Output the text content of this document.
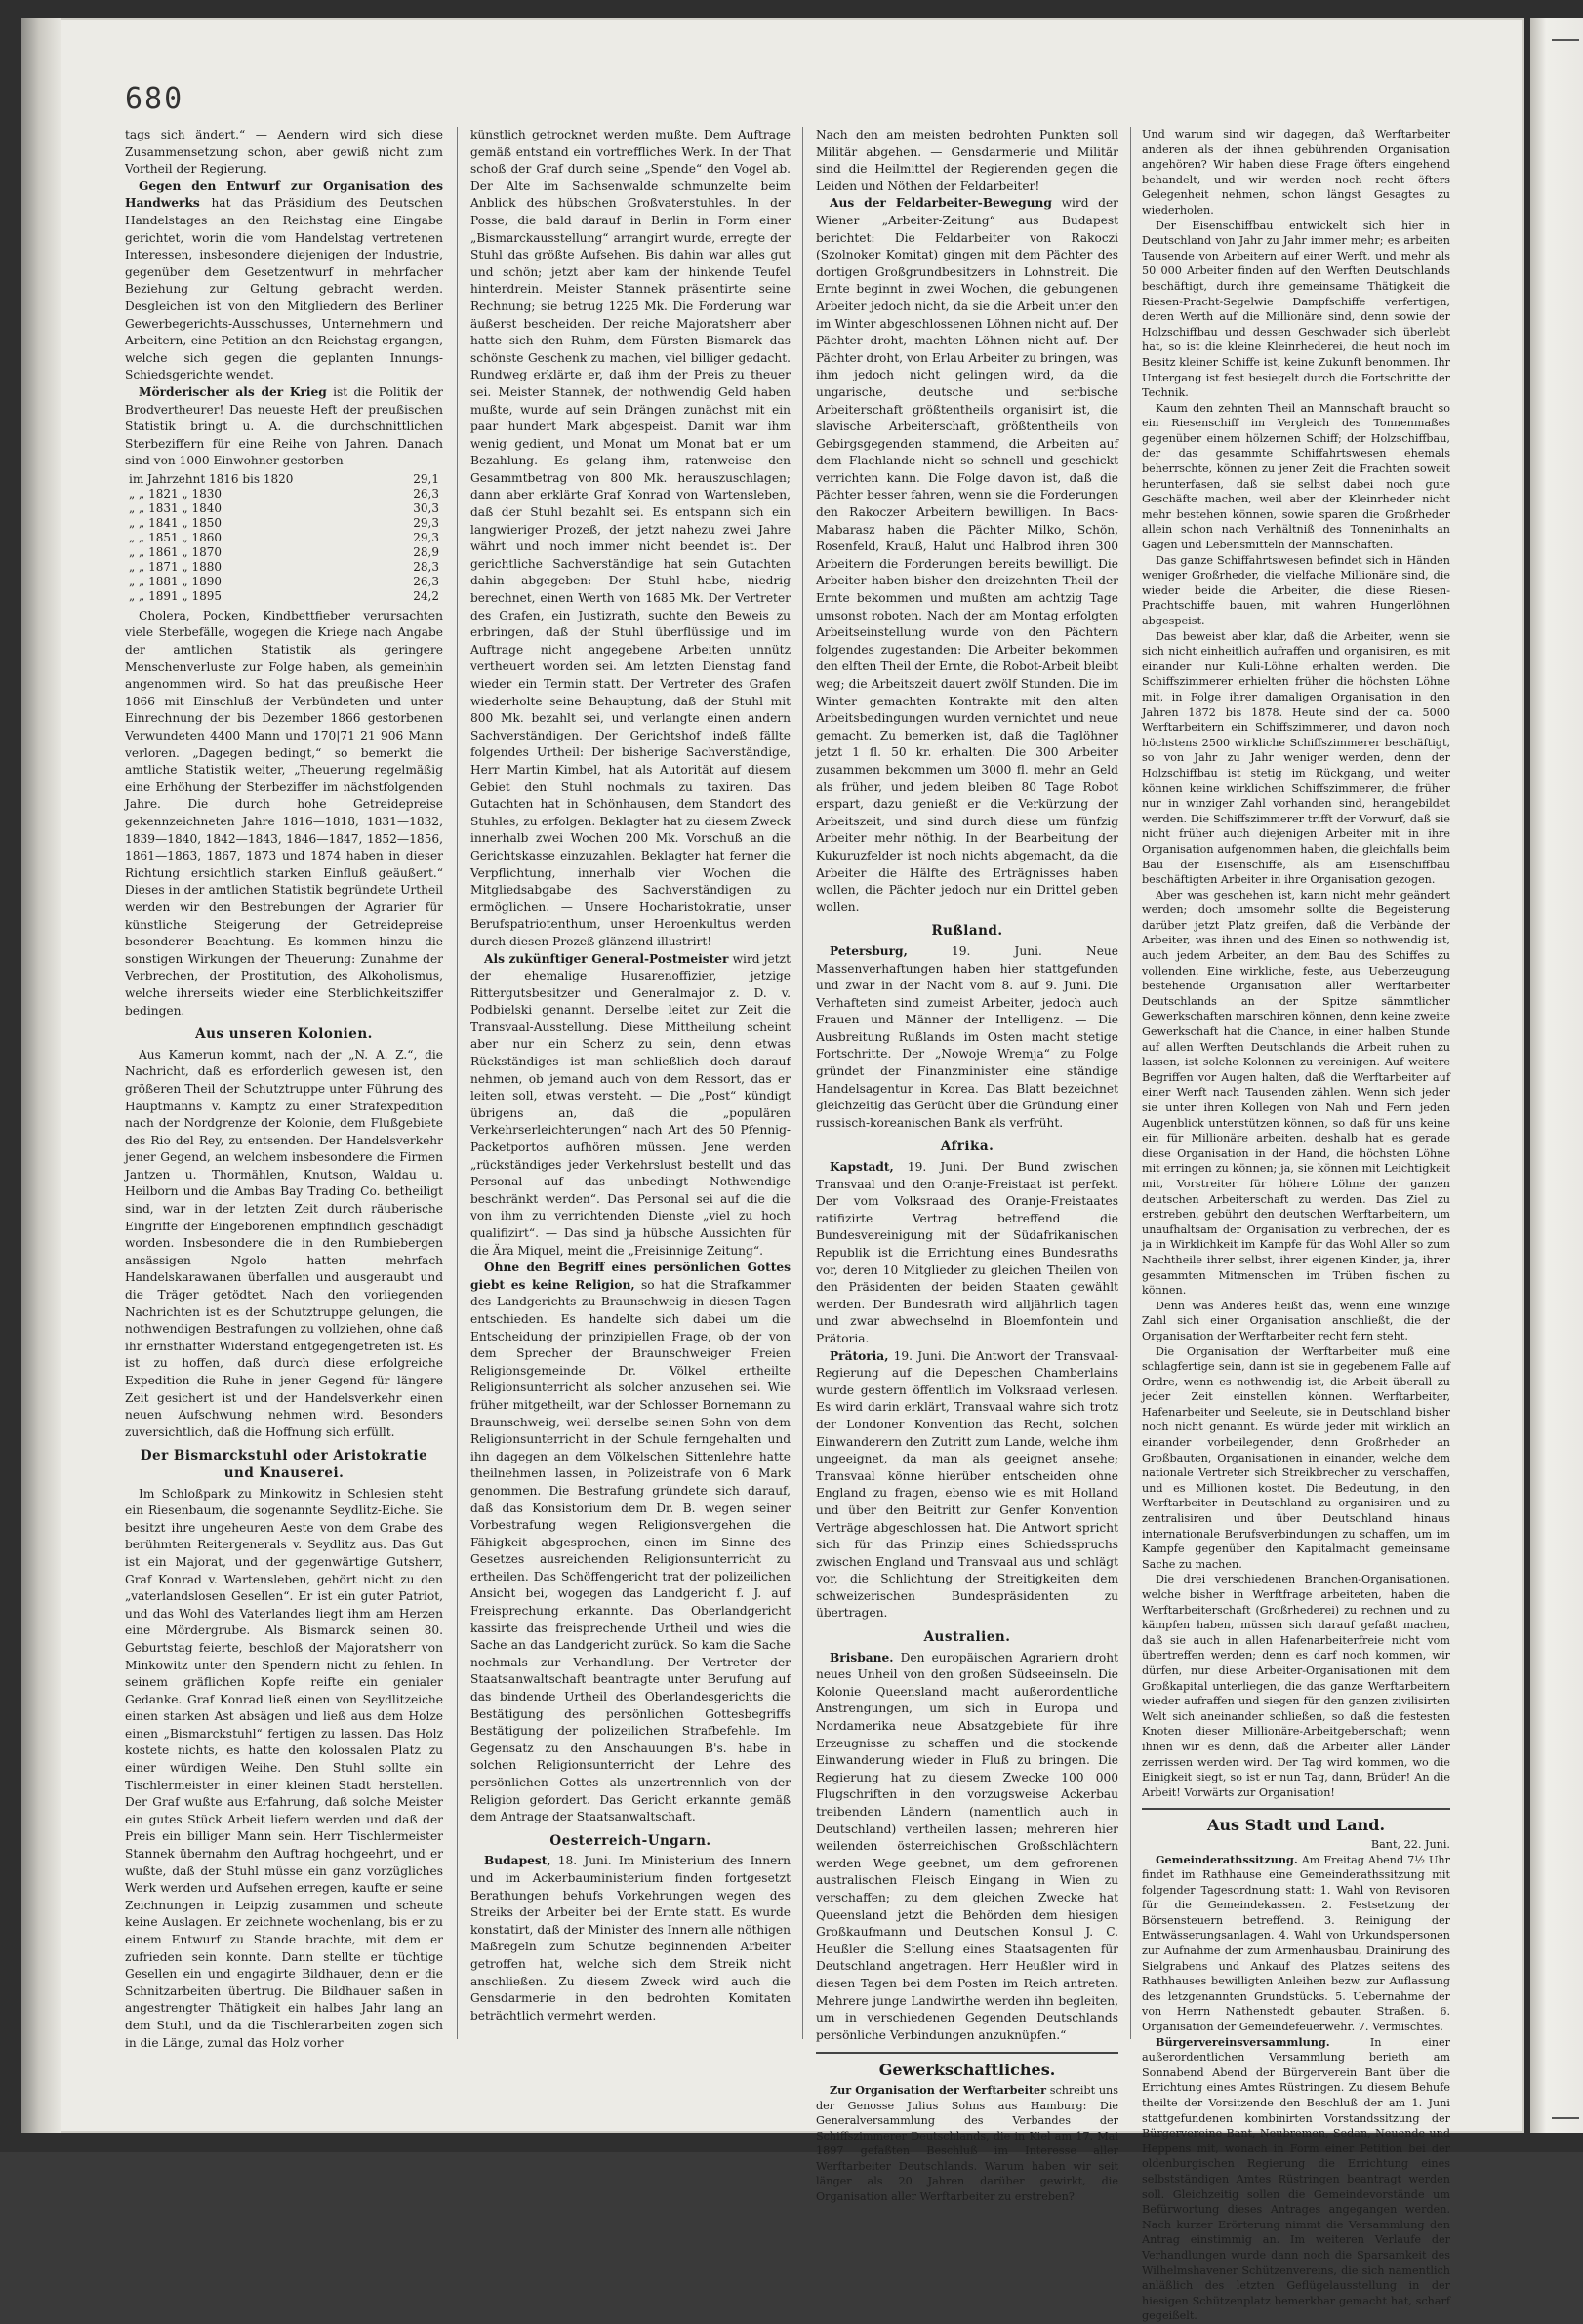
680

tags sich ändert.“ — Aendern wird sich diese Zusammensetzung schon, aber gewiß nicht zum Vortheil der Regierung.

Gegen den Entwurf zur Organisation des Handwerks hat das Präsidium des Deutschen Handelstages an den Reichstag eine Eingabe gerichtet, worin die vom Handelstag vertretenen Interessen, insbesondere diejenigen der Industrie, gegenüber dem Gesetzentwurf in mehrfacher Beziehung zur Geltung gebracht werden. Desgleichen ist von den Mitgliedern des Berliner Gewerbegerichts-Ausschusses, Unternehmern und Arbeitern, eine Petition an den Reichstag ergangen, welche sich gegen die geplanten Innungs-Schiedsgerichte wendet.

Mörderischer als der Krieg ist die Politik der Brodvertheurer! Das neueste Heft der preußischen Statistik bringt u. A. die durchschnittlichen Sterbeziffern für eine Reihe von Jahren. Danach sind von 1000 Einwohner gestorben

im Jahrzehnt 1816 bis 1820	29,1
„ „ 1821 „ 1830	26,3
„ „ 1831 „ 1840	30,3
„ „ 1841 „ 1850	29,3
„ „ 1851 „ 1860	29,3
„ „ 1861 „ 1870	28,9
„ „ 1871 „ 1880	28,3
„ „ 1881 „ 1890	26,3
„ „ 1891 „ 1895	24,2

Cholera, Pocken, Kindbettfieber verursachten viele Sterbefälle, wogegen die Kriege nach Angabe der amtlichen Statistik als geringere Menschenverluste zur Folge haben, als gemeinhin angenommen wird. So hat das preußische Heer 1866 mit Einschluß der Verbündeten und unter Einrechnung der bis Dezember 1866 gestorbenen Verwundeten 4400 Mann und 170|71 21 906 Mann verloren. „Dagegen bedingt,“ so bemerkt die amtliche Statistik weiter, „Theuerung regelmäßig eine Erhöhung der Sterbeziffer im nächstfolgenden Jahre. Die durch hohe Getreidepreise gekennzeichneten Jahre 1816—1818, 1831—1832, 1839—1840, 1842—1843, 1846—1847, 1852—1856, 1861—1863, 1867, 1873 und 1874 haben in dieser Richtung ersichtlich starken Einfluß geäußert.“ Dieses in der amtlichen Statistik begründete Urtheil werden wir den Bestrebungen der Agrarier für künstliche Steigerung der Getreidepreise besonderer Beachtung. Es kommen hinzu die sonstigen Wirkungen der Theuerung: Zunahme der Verbrechen, der Prostitution, des Alkoholismus, welche ihrerseits wieder eine Sterblichkeitsziffer bedingen.

Aus unseren Kolonien.

Aus Kamerun kommt, nach der „N. A. Z.“, die Nachricht, daß es erforderlich gewesen ist, den größeren Theil der Schutztruppe unter Führung des Hauptmanns v. Kamptz zu einer Strafexpedition nach der Nordgrenze der Kolonie, dem Flußgebiete des Rio del Rey, zu entsenden. Der Handelsverkehr jener Gegend, an welchem insbesondere die Firmen Jantzen u. Thormählen, Knutson, Waldau u. Heilborn und die Ambas Bay Trading Co. betheiligt sind, war in der letzten Zeit durch räuberische Eingriffe der Eingeborenen empfindlich geschädigt worden. Insbesondere die in den Rumbiebergen ansässigen Ngolo hatten mehrfach Handelskarawanen überfallen und ausgeraubt und die Träger getödtet. Nach den vorliegenden Nachrichten ist es der Schutztruppe gelungen, die nothwendigen Bestrafungen zu vollziehen, ohne daß ihr ernsthafter Widerstand entgegengetreten ist. Es ist zu hoffen, daß durch diese erfolgreiche Expedition die Ruhe in jener Gegend für längere Zeit gesichert ist und der Handelsverkehr einen neuen Aufschwung nehmen wird. Besonders zuversichtlich, daß die Hoffnung sich erfüllt.

Der Bismarckstuhl oder Aristokratie und Knauserei.

Im Schloßpark zu Minkowitz in Schlesien steht ein Riesenbaum, die sogenannte Seydlitz-Eiche. Sie besitzt ihre ungeheuren Aeste von dem Grabe des berühmten Reitergenerals v. Seydlitz aus. Das Gut ist ein Majorat, und der gegenwärtige Gutsherr, Graf Konrad v. Wartensleben, gehört nicht zu den „vaterlandslosen Gesellen“. Er ist ein guter Patriot, und das Wohl des Vaterlandes liegt ihm am Herzen eine Mördergrube. Als Bismarck seinen 80. Geburtstag feierte, beschloß der Majoratsherr von Minkowitz unter den Spendern nicht zu fehlen. In seinem gräflichen Kopfe reifte ein genialer Gedanke. Graf Konrad ließ einen von Seydlitzeiche einen starken Ast absägen und ließ aus dem Holze einen „Bismarckstuhl“ fertigen zu lassen. Das Holz kostete nichts, es hatte den kolossalen Platz zu einer würdigen Weihe. Den Stuhl sollte ein Tischlermeister in einer kleinen Stadt herstellen. Der Graf wußte aus Erfahrung, daß solche Meister ein gutes Stück Arbeit liefern werden und daß der Preis ein billiger Mann sein. Herr Tischlermeister Stannek übernahm den Auftrag hochgeehrt, und er wußte, daß der Stuhl müsse ein ganz vorzügliches Werk werden und Aufsehen erregen, kaufte er seine Zeichnungen in Leipzig zusammen und scheute keine Auslagen. Er zeichnete wochenlang, bis er zu einem Entwurf zu Stande brachte, mit dem er zufrieden sein konnte. Dann stellte er tüchtige Gesellen ein und engagirte Bildhauer, denn er die Schnitzarbeiten übertrug. Die Bildhauer saßen in angestrengter Thätigkeit ein halbes Jahr lang an dem Stuhl, und da die Tischlerarbeiten zogen sich in die Länge, zumal das Holz vorher

künstlich getrocknet werden mußte. Dem Auftrage gemäß entstand ein vortreffliches Werk. In der That schoß der Graf durch seine „Spende“ den Vogel ab. Der Alte im Sachsenwalde schmunzelte beim Anblick des hübschen Großvaterstuhles. In der Posse, die bald darauf in Berlin in Form einer „Bismarckausstellung“ arrangirt wurde, erregte der Stuhl das größte Aufsehen. Bis dahin war alles gut und schön; jetzt aber kam der hinkende Teufel hinterdrein. Meister Stannek präsentirte seine Rechnung; sie betrug 1225 Mk. Die Forderung war äußerst bescheiden. Der reiche Majoratsherr aber hatte sich den Ruhm, dem Fürsten Bismarck das schönste Geschenk zu machen, viel billiger gedacht. Rundweg erklärte er, daß ihm der Preis zu theuer sei. Meister Stannek, der nothwendig Geld haben mußte, wurde auf sein Drängen zunächst mit ein paar hundert Mark abgespeist. Damit war ihm wenig gedient, und Monat um Monat bat er um Bezahlung. Es gelang ihm, ratenweise den Gesammtbetrag von 800 Mk. herauszuschlagen; dann aber erklärte Graf Konrad von Wartensleben, daß der Stuhl bezahlt sei. Es entspann sich ein langwieriger Prozeß, der jetzt nahezu zwei Jahre währt und noch immer nicht beendet ist. Der gerichtliche Sachverständige hat sein Gutachten dahin abgegeben: Der Stuhl habe, niedrig berechnet, einen Werth von 1685 Mk. Der Vertreter des Grafen, ein Justizrath, suchte den Beweis zu erbringen, daß der Stuhl überflüssige und im Auftrage nicht angegebene Arbeiten unnütz vertheuert worden sei. Am letzten Dienstag fand wieder ein Termin statt. Der Vertreter des Grafen wiederholte seine Behauptung, daß der Stuhl mit 800 Mk. bezahlt sei, und verlangte einen andern Sachverständigen. Der Gerichtshof indeß fällte folgendes Urtheil: Der bisherige Sachverständige, Herr Martin Kimbel, hat als Autorität auf diesem Gebiet den Stuhl nochmals zu taxiren. Das Gutachten hat in Schönhausen, dem Standort des Stuhles, zu erfolgen. Beklagter hat zu diesem Zweck innerhalb zwei Wochen 200 Mk. Vorschuß an die Gerichtskasse einzuzahlen. Beklagter hat ferner die Verpflichtung, innerhalb vier Wochen die Mitgliedsabgabe des Sachverständigen zu ermöglichen. — Unsere Hocharistokratie, unser Berufspatriotenthum, unser Heroenkultus werden durch diesen Prozeß glänzend illustrirt!

Als zukünftiger General-Postmeister wird jetzt der ehemalige Husarenoffizier, jetzige Rittergutsbesitzer und Generalmajor z. D. v. Podbielski genannt. Derselbe leitet zur Zeit die Transvaal-Ausstellung. Diese Mittheilung scheint aber nur ein Scherz zu sein, denn etwas Rückständiges ist man schließlich doch darauf nehmen, ob jemand auch von dem Ressort, das er leiten soll, etwas versteht. — Die „Post“ kündigt übrigens an, daß die „populären Verkehrserleichterungen“ nach Art des 50 Pfennig-Packetportos aufhören müssen. Jene werden „rückständiges jeder Verkehrslust bestellt und das Personal auf das unbedingt Nothwendige beschränkt werden“. Das Personal sei auf die die von ihm zu verrichtenden Dienste „viel zu hoch qualifizirt“. — Das sind ja hübsche Aussichten für die Ära Miquel, meint die „Freisinnige Zeitung“.

Ohne den Begriff eines persönlichen Gottes giebt es keine Religion, so hat die Strafkammer des Landgerichts zu Braunschweig in diesen Tagen entschieden. Es handelte sich dabei um die Entscheidung der prinzipiellen Frage, ob der von dem Sprecher der Braunschweiger Freien Religionsgemeinde Dr. Völkel ertheilte Religionsunterricht als solcher anzusehen sei. Wie früher mitgetheilt, war der Schlosser Bornemann zu Braunschweig, weil derselbe seinen Sohn von dem Religionsunterricht in der Schule ferngehalten und ihn dagegen an dem Völkelschen Sittenlehre hatte theilnehmen lassen, in Polizeistrafe von 6 Mark genommen. Die Bestrafung gründete sich darauf, daß das Konsistorium dem Dr. B. wegen seiner Vorbestrafung wegen Religionsvergehen die Fähigkeit abgesprochen, einen im Sinne des Gesetzes ausreichenden Religionsunterricht zu ertheilen. Das Schöffengericht trat der polizeilichen Ansicht bei, wogegen das Landgericht f. J. auf Freisprechung erkannte. Das Oberlandgericht kassirte das freisprechende Urtheil und wies die Sache an das Landgericht zurück. So kam die Sache nochmals zur Verhandlung. Der Vertreter der Staatsanwaltschaft beantragte unter Berufung auf das bindende Urtheil des Oberlandesgerichts die Bestätigung des persönlichen Gottesbegriffs Bestätigung der polizeilichen Strafbefehle. Im Gegensatz zu den Anschauungen B's. habe in solchen Religionsunterricht der Lehre des persönlichen Gottes als unzertrennlich von der Religion gefordert. Das Gericht erkannte gemäß dem Antrage der Staatsanwaltschaft.

Oesterreich-Ungarn.

Budapest, 18. Juni. Im Ministerium des Innern und im Ackerbauministerium finden fortgesetzt Berathungen behufs Vorkehrungen wegen des Streiks der Arbeiter bei der Ernte statt. Es wurde konstatirt, daß der Minister des Innern alle nöthigen Maßregeln zum Schutze beginnenden Arbeiter getroffen hat, welche sich dem Streik nicht anschließen. Zu diesem Zweck wird auch die Gensdarmerie in den bedrohten Komitaten beträchtlich vermehrt werden.

Nach den am meisten bedrohten Punkten soll Militär abgehen. — Gensdarmerie und Militär sind die Heilmittel der Regierenden gegen die Leiden und Nöthen der Feldarbeiter!

Aus der Feldarbeiter-Bewegung wird der Wiener „Arbeiter-Zeitung“ aus Budapest berichtet: Die Feldarbeiter von Rakoczi (Szolnoker Komitat) gingen mit dem Pächter des dortigen Großgrundbesitzers in Lohnstreit. Die Ernte beginnt in zwei Wochen, die gebungenen Arbeiter jedoch nicht, da sie die Arbeit unter den im Winter abgeschlossenen Löhnen nicht auf. Der Pächter droht, machten Löhnen nicht auf. Der Pächter droht, von Erlau Arbeiter zu bringen, was ihm jedoch nicht gelingen wird, da die ungarische, deutsche und serbische Arbeiterschaft größtentheils organisirt ist, die slavische Arbeiterschaft, größtentheils von Gebirgsgegenden stammend, die Arbeiten auf dem Flachlande nicht so schnell und geschickt verrichten kann. Die Folge davon ist, daß die Pächter besser fahren, wenn sie die Forderungen den Rakoczer Arbeitern bewilligen. In Bacs-Mabarasz haben die Pächter Milko, Schön, Rosenfeld, Krauß, Halut und Halbrod ihren 300 Arbeitern die Forderungen bereits bewilligt. Die Arbeiter haben bisher den dreizehnten Theil der Ernte bekommen und mußten am achtzig Tage umsonst roboten. Nach der am Montag erfolgten Arbeitseinstellung wurde von den Pächtern folgendes zugestanden: Die Arbeiter bekommen den elften Theil der Ernte, die Robot-Arbeit bleibt weg; die Arbeitszeit dauert zwölf Stunden. Die im Winter gemachten Kontrakte mit den alten Arbeitsbedingungen wurden vernichtet und neue gemacht. Zu bemerken ist, daß die Taglöhner jetzt 1 fl. 50 kr. erhalten. Die 300 Arbeiter zusammen bekommen um 3000 fl. mehr an Geld als früher, und jedem bleiben 80 Tage Robot erspart, dazu genießt er die Verkürzung der Arbeitszeit, und sind durch diese um fünfzig Arbeiter mehr nöthig. In der Bearbeitung der Kukuruzfelder ist noch nichts abgemacht, da die Arbeiter die Hälfte des Erträgnisses haben wollen, die Pächter jedoch nur ein Drittel geben wollen.

Rußland.

Petersburg,	19. Juni. Neue Massenverhaftungen haben hier stattgefunden und zwar in der Nacht vom 8. auf 9. Juni. Die Verhafteten sind zumeist Arbeiter, jedoch auch Frauen und Männer der Intelligenz. — Die Ausbreitung Rußlands im Osten macht stetige Fortschritte. Der „Nowoje Wremja“ zu Folge gründet der Finanzminister eine ständige Handelsagentur in Korea. Das Blatt bezeichnet gleichzeitig das Gerücht über die Gründung einer russisch-koreanischen Bank als verfrüht.

Afrika.

Kapstadt, 19. Juni. Der Bund zwischen Transvaal und den Oranje-Freistaat ist perfekt. Der vom Volksraad des Oranje-Freistaates ratifizirte Vertrag betreffend die Bundesvereinigung mit der Südafrikanischen Republik ist die Errichtung eines Bundesraths vor, deren 10 Mitglieder zu gleichen Theilen von den Präsidenten der beiden Staaten gewählt werden. Der Bundesrath wird alljährlich tagen und zwar abwechselnd in Bloemfontein und Prätoria.

Prätoria, 19. Juni. Die Antwort der Transvaal-Regierung auf die Depeschen Chamberlains wurde gestern öffentlich im Volksraad verlesen. Es wird darin erklärt, Transvaal wahre sich trotz der Londoner Konvention das Recht, solchen Einwanderern den Zutritt zum Lande, welche ihm ungeeignet, da man als geeignet ansehe; Transvaal könne hierüber entscheiden ohne England zu fragen, ebenso wie es mit Holland und über den Beitritt zur Genfer Konvention Verträge abgeschlossen hat. Die Antwort spricht sich für das Prinzip eines Schiedsspruchs zwischen England und Transvaal aus und schlägt vor, die Schlichtung der Streitigkeiten dem schweizerischen Bundespräsidenten zu übertragen.

Australien.

Brisbane. Den europäischen Agrariern droht neues Unheil von den großen Südseeinseln. Die Kolonie Queensland macht außerordentliche Anstrengungen, um sich in Europa und Nordamerika neue Absatzgebiete für ihre Erzeugnisse zu schaffen und die stockende Einwanderung wieder in Fluß zu bringen. Die Regierung hat zu diesem Zwecke 100 000 Flugschriften in den vorzugsweise Ackerbau treibenden Ländern (namentlich auch in Deutschland) vertheilen lassen; mehreren hier weilenden österreichischen Großschlächtern werden Wege geebnet, um dem gefrorenen australischen Fleisch Eingang in Wien zu verschaffen; zu dem gleichen Zwecke hat Queensland jetzt die Behörden dem hiesigen Großkaufmann und Deutschen Konsul J. C. Heußler die Stellung eines Staatsagenten für Deutschland angetragen. Herr Heußler wird in diesen Tagen bei dem Posten im Reich antreten. Mehrere junge Landwirthe werden ihn begleiten, um in verschiedenen Gegenden Deutschlands persönliche Verbindungen anzuknüpfen.“

Gewerkschaftliches.

Zur Organisation der Werftarbeiter schreibt uns der Genosse Julius Sohns aus Hamburg: Die Generalversammlung des Verbandes der Schiffszimmerer Deutschlands, die in Kiel am 17. Mai 1897 gefaßten Beschluß im Interesse aller Werftarbeiter Deutschlands. Warum haben wir seit länger als 20 Jahren darüber gewirkt, die Organisation aller Werftarbeiter zu erstreben?

Und warum sind wir dagegen, daß Werftarbeiter anderen als der ihnen gebührenden Organisation angehören? Wir haben diese Frage öfters eingehend behandelt, und wir werden noch recht öfters Gelegenheit nehmen, schon längst Gesagtes zu wiederholen.

Der Eisenschiffbau entwickelt sich hier in Deutschland von Jahr zu Jahr immer mehr; es arbeiten Tausende von Arbeitern auf einer Werft, und mehr als 50 000 Arbeiter finden auf den Werften Deutschlands beschäftigt, durch ihre gemeinsame Thätigkeit die Riesen-Pracht-Segelwie Dampfschiffe verfertigen, deren Werth auf die Millionäre sind, denn sowie der Holzschiffbau und dessen Geschwader sich überlebt hat, so ist die kleine Kleinrhederei, die heut noch im Besitz kleiner Schiffe ist, keine Zukunft benommen. Ihr Untergang ist fest besiegelt durch die Fortschritte der Technik.

Kaum den zehnten Theil an Mannschaft braucht so ein Riesenschiff im Vergleich des Tonnenmaßes gegenüber einem hölzernen Schiff; der Holzschiffbau, der das gesammte Schiffahrtswesen ehemals beherrschte, können zu jener Zeit die Frachten soweit herunterfasen, daß sie selbst dabei noch gute Geschäfte machen, weil aber der Kleinrheder nicht mehr bestehen können, sowie sparen die Großrheder allein schon nach Verhältniß des Tonneninhalts an Gagen und Lebensmitteln der Mannschaften.

Das ganze Schiffahrtswesen befindet sich in Händen weniger Großrheder, die vielfache Millionäre sind, die wieder beide die Arbeiter, die diese Riesen-Prachtschiffe bauen, mit wahren Hungerlöhnen abgespeist.

Das beweist aber klar, daß die Arbeiter, wenn sie sich nicht einheitlich aufraffen und organisiren, es mit einander nur Kuli-Löhne erhalten werden. Die Schiffszimmerer erhielten früher die höchsten Löhne mit, in Folge ihrer damaligen Organisation in den Jahren 1872 bis 1878. Heute sind der ca. 5000 Werftarbeitern ein Schiffszimmerer, und davon noch höchstens 2500 wirkliche Schiffszimmerer beschäftigt, so von Jahr zu Jahr weniger werden, denn der Holzschiffbau ist stetig im Rückgang, und weiter können keine wirklichen Schiffszimmerer, die früher nur in winziger Zahl vorhanden sind, herangebildet werden. Die Schiffszimmerer trifft der Vorwurf, daß sie nicht früher auch diejenigen Arbeiter mit in ihre Organisation aufgenommen haben, die gleichfalls beim Bau der Eisenschiffe, als am Eisenschiffbau beschäftigten Arbeiter in ihre Organisation gezogen.

Aber was geschehen ist, kann nicht mehr geändert werden; doch umsomehr sollte die Begeisterung darüber jetzt Platz greifen, daß die Verbände der Arbeiter, was ihnen und des Einen so nothwendig ist, auch jedem Arbeiter, an dem Bau des Schiffes zu vollenden. Eine wirkliche, feste, aus Ueberzeugung bestehende Organisation aller Werftarbeiter Deutschlands an der Spitze sämmtlicher Gewerkschaften marschiren können, denn keine zweite Gewerkschaft hat die Chance, in einer halben Stunde auf allen Werften Deutschlands die Arbeit ruhen zu lassen, ist solche Kolonnen zu vereinigen. Auf weitere Begriffen vor Augen halten, daß die Werftarbeiter auf einer Werft nach Tausenden zählen. Wenn sich jeder sie unter ihren Kollegen von Nah und Fern jeden Augenblick unterstützen können, so daß für uns keine ein für Millionäre arbeiten, deshalb hat es gerade diese Organisation in der Hand, die höchsten Löhne mit erringen zu können; ja, sie können mit Leichtigkeit mit, Vorstreiter für höhere Löhne der ganzen deutschen Arbeiterschaft zu werden. Das Ziel zu erstreben, gebührt den deutschen Werftarbeitern, um unaufhaltsam der Organisation zu verbrechen, der es ja in Wirklichkeit im Kampfe für das Wohl Aller so zum Nachtheile ihrer selbst, ihrer eigenen Kinder, ja, ihrer gesammten Mitmenschen im Trüben fischen zu können.

Denn was Anderes heißt das, wenn eine winzige Zahl sich einer Organisation anschließt, die der Organisation der Werftarbeiter recht fern steht.

Die Organisation der Werftarbeiter muß eine schlagfertige sein, dann ist sie in gegebenem Falle auf Ordre, wenn es nothwendig ist, die Arbeit überall zu jeder Zeit einstellen können. Werftarbeiter, Hafenarbeiter und Seeleute, sie in Deutschland bisher noch nicht genannt. Es würde jeder mit wirklich an einander vorbeilegender, denn Großrheder an Großbauten, Organisationen in einander, welche dem nationale Vertreter sich Streikbrecher zu verschaffen, und es Millionen kostet. Die Bedeutung, in den Werftarbeiter in Deutschland zu organisiren und zu zentralisiren und über Deutschland hinaus internationale Berufsverbindungen zu schaffen, um im Kampfe gegenüber den Kapitalmacht gemeinsame Sache zu machen.

Die drei verschiedenen Branchen-Organisationen, welche bisher in Werftfrage arbeiteten, haben die Werftarbeiterschaft (Großrhederei) zu rechnen und zu kämpfen haben, müssen sich darauf gefaßt machen, daß sie auch in allen Hafenarbeiterfreie nicht vom übertreffen werden; denn es darf noch kommen, wir dürfen, nur diese Arbeiter-Organisationen mit dem Großkapital unterliegen, die das ganze Werftarbeitern wieder aufraffen und siegen für den ganzen zivilisirten Welt sich aneinander schließen, so daß die festesten Knoten dieser Millionäre-Arbeitgeberschaft; wenn ihnen wir es denn, daß die Arbeiter aller Länder zerrissen werden wird. Der Tag wird kommen, wo die Einigkeit siegt, so ist er nun Tag, dann, Brüder! An die Arbeit! Vorwärts zur Organisation!

Aus Stadt und Land.

Bant, 22. Juni.

Gemeinderathssitzung. Am Freitag Abend 7½ Uhr findet im Rathhause eine Gemeinderathssitzung mit folgender Tagesordnung statt: 1. Wahl von Revisoren für die Gemeindekassen. 2. Festsetzung der Börsensteuern betreffend. 3. Reinigung der Entwässerungsanlagen. 4. Wahl von Urkundspersonen zur Aufnahme der zum Armenhausbau, Drainirung des Sielgrabens und Ankauf des Platzes seitens des Rathhauses bewilligten Anleihen bezw. zur Auflassung des letzgenannten Grundstücks. 5. Uebernahme der von Herrn Nathenstedt gebauten Straßen. 6. Organisation der Gemeindefeuerwehr. 7. Vermischtes.

Bürgervereinsversammlung.	In einer außerordentlichen Versammlung berieth am Sonnabend Abend der Bürgerverein Bant über die Errichtung eines Amtes Rüstringen. Zu diesem Behufe theilte der Vorsitzende den Beschluß der am 1. Juni stattgefundenen kombinirten Vorstandssitzung der Bürgervereine Bant, Neubremen, Sedan, Neuende und Heppens mit, wonach in Form einer Petition bei der oldenburgischen Regierung die Errichtung eines selbstständigen Amtes Rüstringen beantragt werden soll. Gleichzeitig sollen die Gemeindevorstände um Befürwortung dieses Antrages angegangen werden. Nach kurzer Erörterung nimmt die Versammlung den Antrag einstimmig an. Im weiteren Verlaufe der Verhandlungen wurde dann noch die Sparsamkeit des Wilhelmshavener Schützenvereins, die sich namentlich anläßlich des letzten Geflügelausstellung in der hiesigen Schützenplatz bemerkbar gemacht hat, scharf gegeißelt.
